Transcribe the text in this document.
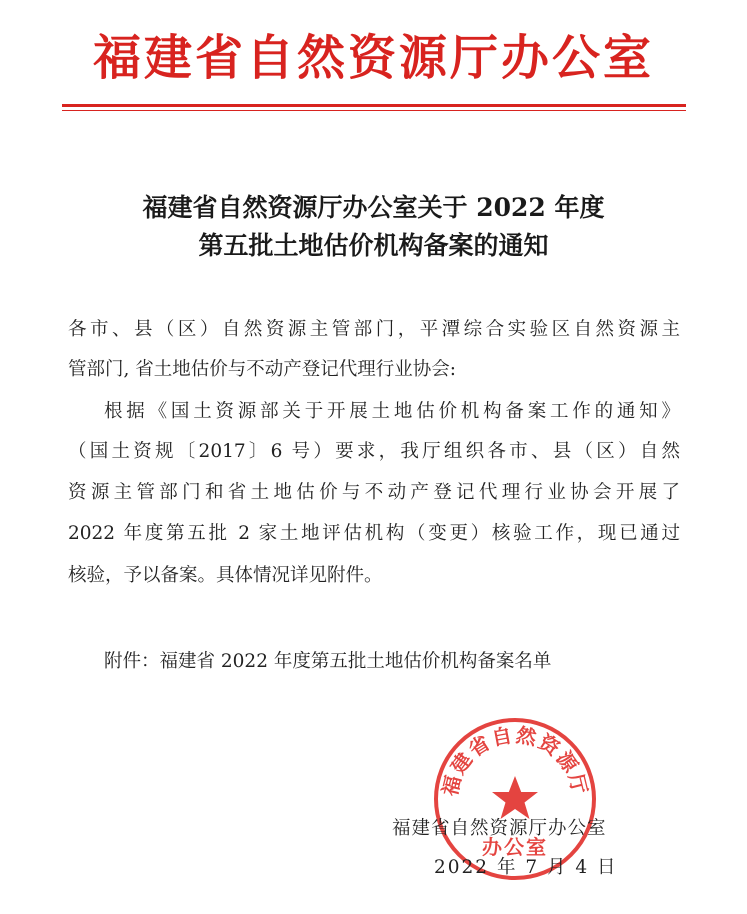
福建省自然资源厅办公室
福建省自然资源厅办公室关于 2022 年度
第五批土地估价机构备案的通知
各市、县（区）自然资源主管部门，平潭综合实验区自然资源主
管部门, 省土地估价与不动产登记代理行业协会:
根据《国土资源部关于开展土地估价机构备案工作的通知》
（国土资规〔2017〕6 号）要求，我厅组织各市、县（区）自然
资源主管部门和省土地估价与不动产登记代理行业协会开展了
2022 年度第五批 2 家土地评估机构（变更）核验工作，现已通过
核验，予以备案。具体情况详见附件。
附件：福建省 2022 年度第五批土地估价机构备案名单
福建省自然资源厅
办公室
福建省自然资源厅办公室
2022 年 7 月 4 日
